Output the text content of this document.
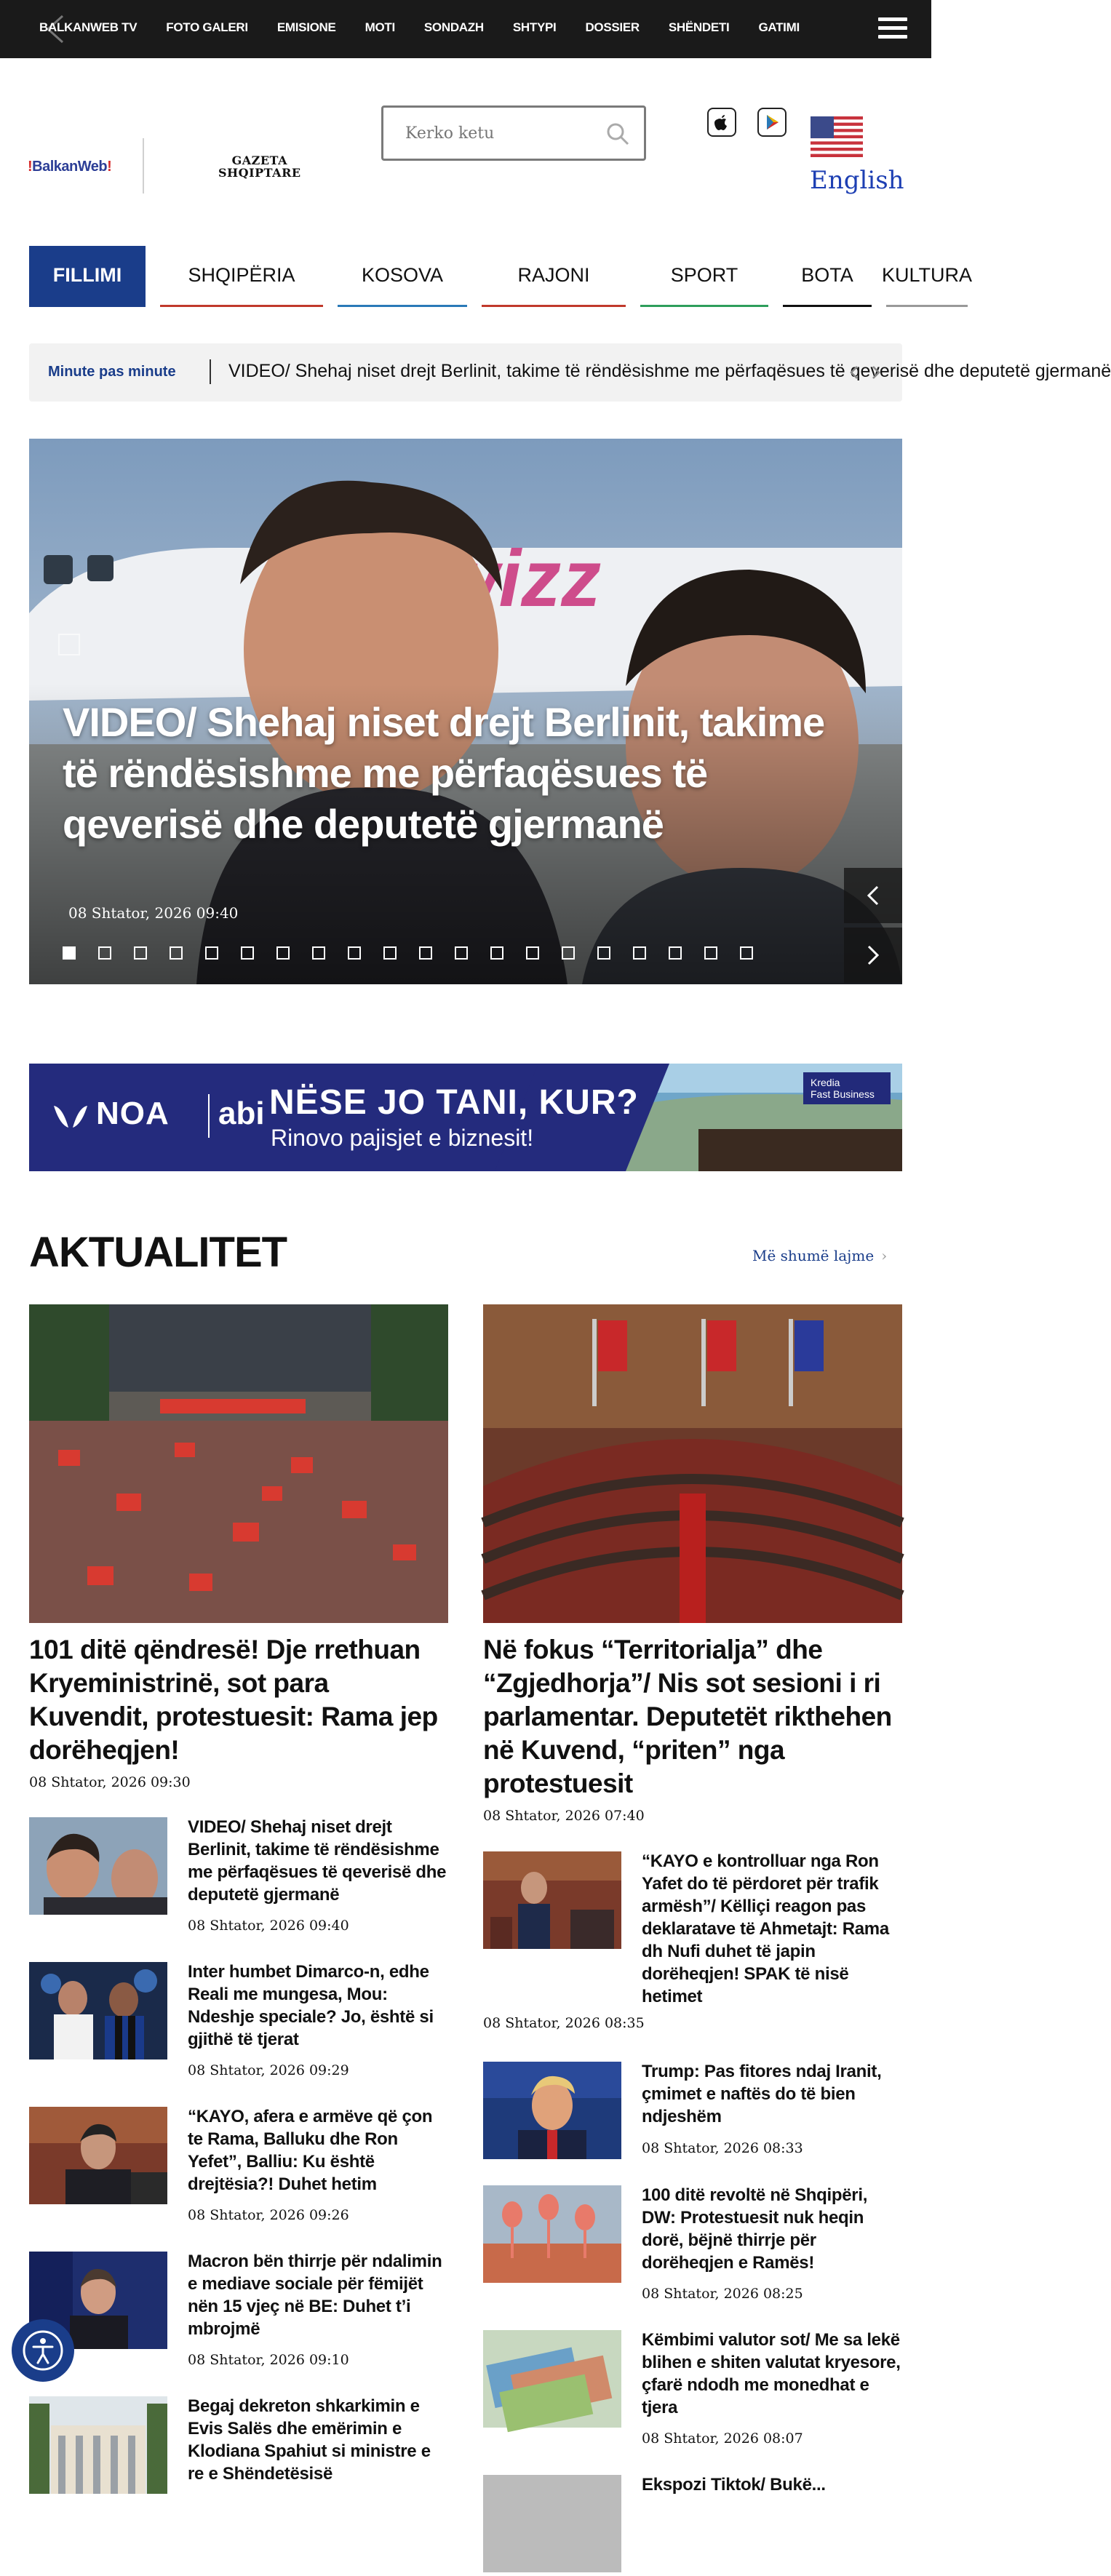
BALKANWEB TV FOTO GALERI EMISIONE MOTI SONDAZH SHTYPI DOSSIER SHËNDETI GATIMI
!BalkanWeb!	GAZETA
SHQIPTARE
Kerko ketu	English
FILLIMI	SHQIPËRIA	KOSOVA	RAJONI	SPORT	BOTA	KULTURA
Minute pas minute	VIDEO/ Shehaj niset drejt Berlinit, takime të rëndësishme me përfaqësues të qeverisë dhe deputetë gjermanë
VIDEO/ Shehaj niset drejt Berlinit, takime të rëndësishme me përfaqësues të qeverisë dhe deputetë gjermanë
08 Shtator, 2026 09:40
NOA abi NËSE JO TANI, KUR?
Rinovo pajisjet e biznesit!
Kredia
Fast Business
AKTUALITET	Më shumë lajme ›
101 ditë qëndresë! Dje rrethuan Kryeministrinë, sot para Kuvendit, protestuesit: Rama jep dorëheqjen!
08 Shtator, 2026 09:30
Në fokus “Territorialja” dhe “Zgjedhorja”/ Nis sot sesioni i ri parlamentar. Deputetët rikthehen në Kuvend, “priten” nga protestuesit
08 Shtator, 2026 07:40
VIDEO/ Shehaj niset drejt Berlinit, takime të rëndësishme me përfaqësues të qeverisë dhe deputetë gjermanë
08 Shtator, 2026 09:40
Inter humbet Dimarco-n, edhe Reali me mungesa, Mou: Ndeshje speciale? Jo, është si gjithë të tjerat
08 Shtator, 2026 09:29
“KAYO, afera e armëve që çon te Rama, Balluku dhe Ron Yefet”, Balliu: Ku është drejtësia?! Duhet hetim
08 Shtator, 2026 09:26
Macron bën thirrje për ndalimin e mediave sociale për fëmijët nën 15 vjeç në BE: Duhet t’i mbrojmë
08 Shtator, 2026 09:10
Begaj dekreton shkarkimin e Evis Salës dhe emërimin e Klodiana Spahiut si ministre e re e Shëndetësisë
“KAYO e kontrolluar nga Ron Yafet do të përdoret për trafik armësh”/ Këlliçi reagon pas deklaratave të Ahmetajt: Rama dh Nufi duhet të japin dorëheqjen! SPAK të nisë hetimet
08 Shtator, 2026 08:35
Trump: Pas fitores ndaj Iranit, çmimet e naftës do të bien ndjeshëm
08 Shtator, 2026 08:33
100 ditë revoltë në Shqipëri, DW: Protestuesit nuk heqin dorë, bëjnë thirrje për dorëheqjen e Ramës!
08 Shtator, 2026 08:25
Këmbimi valutor sot/ Me sa lekë blihen e shiten valutat kryesore, çfarë ndodh me monedhat e tjera
08 Shtator, 2026 08:07
Ekspozi Tiktok/ Bukë...
